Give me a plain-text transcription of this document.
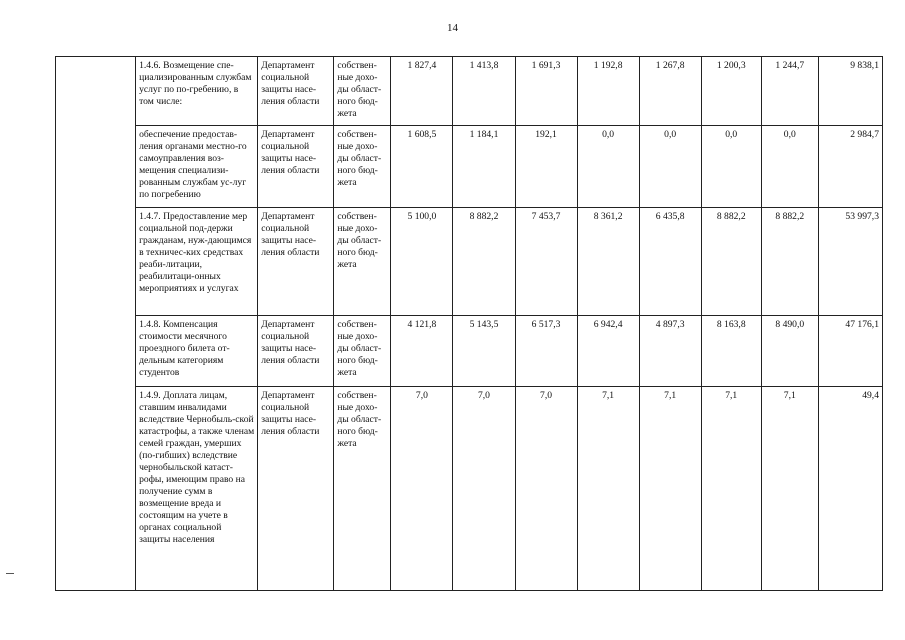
14
	1.4.6. Возмещение спе-циализированным службам услуг по по-гребению, в том числе:	Департамент социальной защиты насе-ления области	собствен-ные дохо-ды област-ного бюд-жета	1 827,4	1 413,8	1 691,3	1 192,8	1 267,8	1 200,3	1 244,7	9 838,1
	обеспечение предостав-ления органами местно-го самоуправления воз-мещения специализи-рованным службам ус-луг по погребению	Департамент социальной защиты насе-ления области	собствен-ные дохо-ды област-ного бюд-жета	1 608,5	1 184,1	192,1	0,0	0,0	0,0	0,0	2 984,7
	1.4.7. Предоставление мер социальной под-держи гражданам, нуж-дающимся в техничес-ких средствах реаби-литации, реабилитаци-онных мероприятиях и услугах	Департамент социальной защиты насе-ления области	собствен-ные дохо-ды област-ного бюд-жета	5 100,0	8 882,2	7 453,7	8 361,2	6 435,8	8 882,2	8 882,2	53 997,3
	1.4.8. Компенсация стоимости месячного проездного билета от-дельным категориям студентов	Департамент социальной защиты насе-ления области	собствен-ные дохо-ды област-ного бюд-жета	4 121,8	5 143,5	6 517,3	6 942,4	4 897,3	8 163,8	8 490,0	47 176,1
	1.4.9. Доплата лицам, ставшим инвалидами вследствие Чернобыль-ской катастрофы, а также членам семей граждан, умерших (по-гибших) вследствие чернобыльской катаст-рофы, имеющим право на получение сумм в возмещение вреда и состоящим на учете в органах социальной защиты населения	Департамент социальной защиты насе-ления области	собствен-ные дохо-ды област-ного бюд-жета	7,0	7,0	7,0	7,1	7,1	7,1	7,1	49,4
